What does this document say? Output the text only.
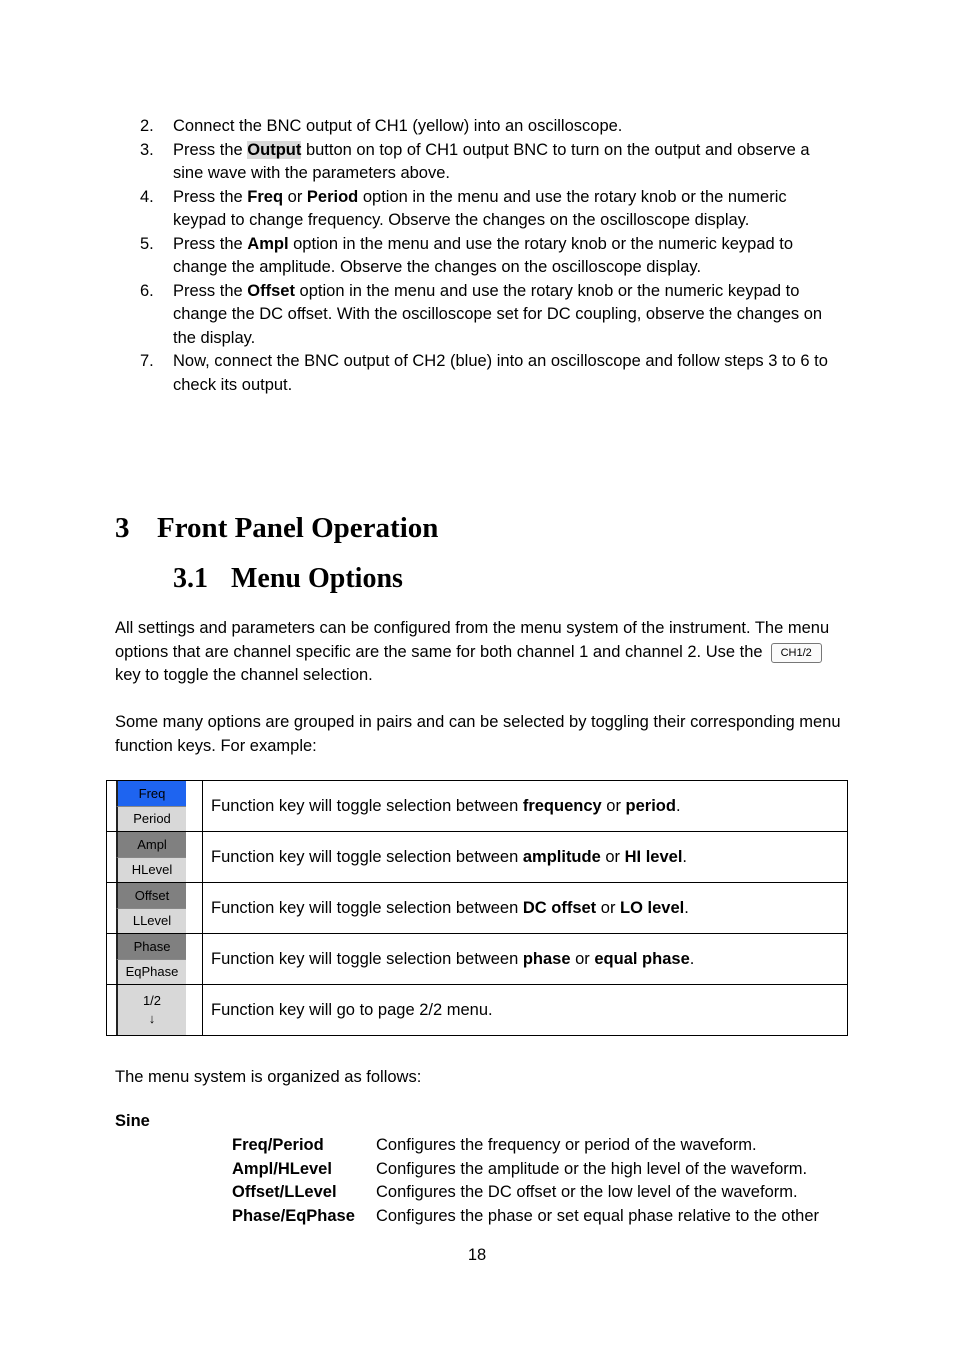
2.	Connect the BNC output of CH1 (yellow) into an oscilloscope.
3.	Press the Output button on top of CH1 output BNC to turn on the output and observe a sine wave with the parameters above.
4.	Press the Freq or Period option in the menu and use the rotary knob or the numeric keypad to change frequency. Observe the changes on the oscilloscope display.
5.	Press the Ampl option in the menu and use the rotary knob or the numeric keypad to change the amplitude. Observe the changes on the oscilloscope display.
6.	Press the Offset option in the menu and use the rotary knob or the numeric keypad to change the DC offset. With the oscilloscope set for DC coupling, observe the changes on the display.
7.	Now, connect the BNC output of CH2 (blue) into an oscilloscope and follow steps 3 to 6 to check its output.
3 Front Panel Operation
3.1 Menu Options
All settings and parameters can be configured from the menu system of the instrument. The menu options that are channel specific are the same for both channel 1 and channel 2. Use the CH1/2key to toggle the channel selection.
Some many options are grouped in pairs and can be selected by toggling their corresponding menu function keys. For example:
Freq
Period	Function key will toggle selection between frequency or period.

Ampl
HLevel	Function key will toggle selection between amplitude or HI level.

Offset
LLevel	Function key will toggle selection between DC offset or LO level.

Phase
EqPhase	Function key will toggle selection between phase or equal phase.

1/2
↓	Function key will go to page 2/2 menu.
The menu system is organized as follows:
Sine
Freq/Period	Configures the frequency or period of the waveform.
Ampl/HLevel	Configures the amplitude or the high level of the waveform.
Offset/LLevel	Configures the DC offset or the low level of the waveform.
Phase/EqPhase	Configures the phase or set equal phase relative to the other
18
